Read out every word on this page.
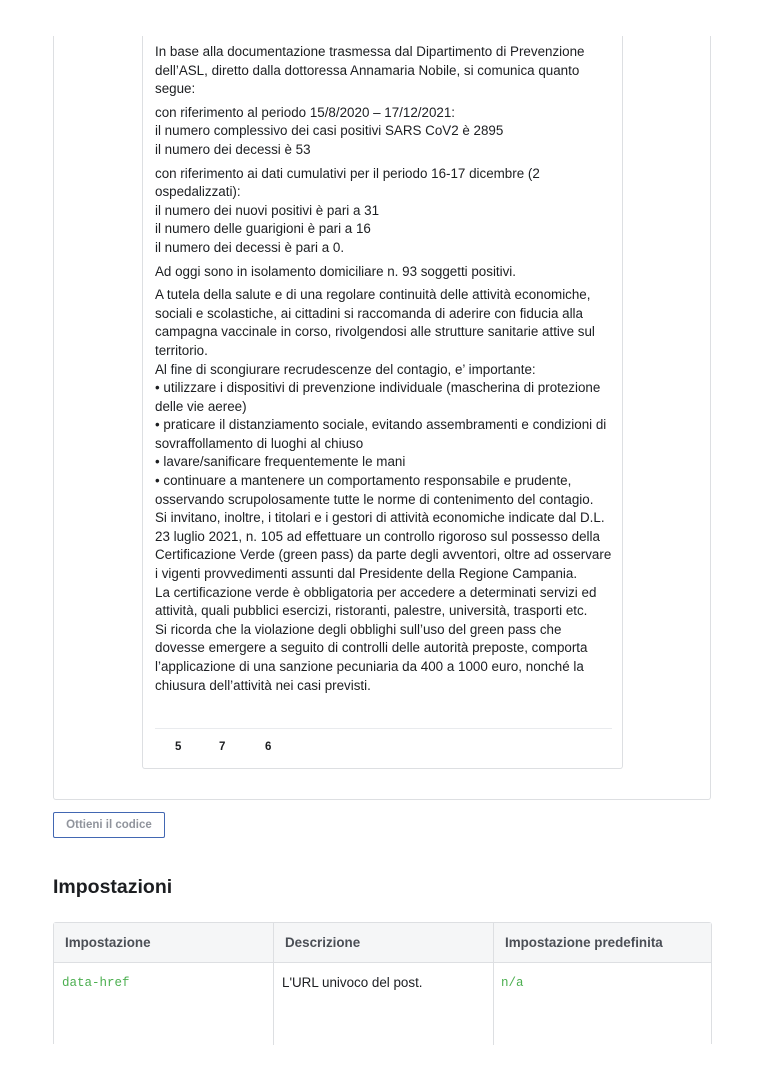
In base alla documentazione trasmessa dal Dipartimento di Prevenzione dell’ASL, diretto dalla dottoressa Annamaria Nobile, si comunica quanto segue:

con riferimento al periodo 15/8/2020 – 17/12/2021:
il numero complessivo dei casi positivi SARS CoV2 è 2895
il numero dei decessi è 53

con riferimento ai dati cumulativi per il periodo 16-17 dicembre (2 ospedalizzati):
il numero dei nuovi positivi è pari a 31
il numero delle guarigioni è pari a 16
il numero dei decessi è pari a 0.

Ad oggi sono in isolamento domiciliare n. 93 soggetti positivi.

A tutela della salute e di una regolare continuità delle attività economiche, sociali e scolastiche, ai cittadini si raccomanda di aderire con fiducia alla campagna vaccinale in corso, rivolgendosi alle strutture sanitarie attive sul territorio.
Al fine di scongiurare recrudescenze del contagio, e’ importante:
• utilizzare i dispositivi di prevenzione individuale (mascherina di protezione delle vie aeree)
• praticare il distanziamento sociale, evitando assembramenti e condizioni di sovraffollamento di luoghi al chiuso
• lavare/sanificare frequentemente le mani
• continuare a mantenere un comportamento responsabile e prudente, osservando scrupolosamente tutte le norme di contenimento del contagio.
Si invitano, inoltre, i titolari e i gestori di attività economiche indicate dal D.L. 23 luglio 2021, n. 105 ad effettuare un controllo rigoroso sul possesso della Certificazione Verde (green pass) da parte degli avventori, oltre ad osservare i vigenti provvedimenti assunti dal Presidente della Regione Campania.
La certificazione verde è obbligatoria per accedere a determinati servizi ed attività, quali pubblici esercizi, ristoranti, palestre, università, trasporti etc.
Si ricorda che la violazione degli obblighi sull’uso del green pass che dovesse emergere a seguito di controlli delle autorità preposte, comporta l’applicazione di una sanzione pecuniaria da 400 a 1000 euro, nonché la chiusura dell’attività nei casi previsti.

5	7	6
Ottieni il codice
Impostazioni
Impostazione	Descrizione	Impostazione predefinita
data-href	L'URL univoco del post.	n/a
